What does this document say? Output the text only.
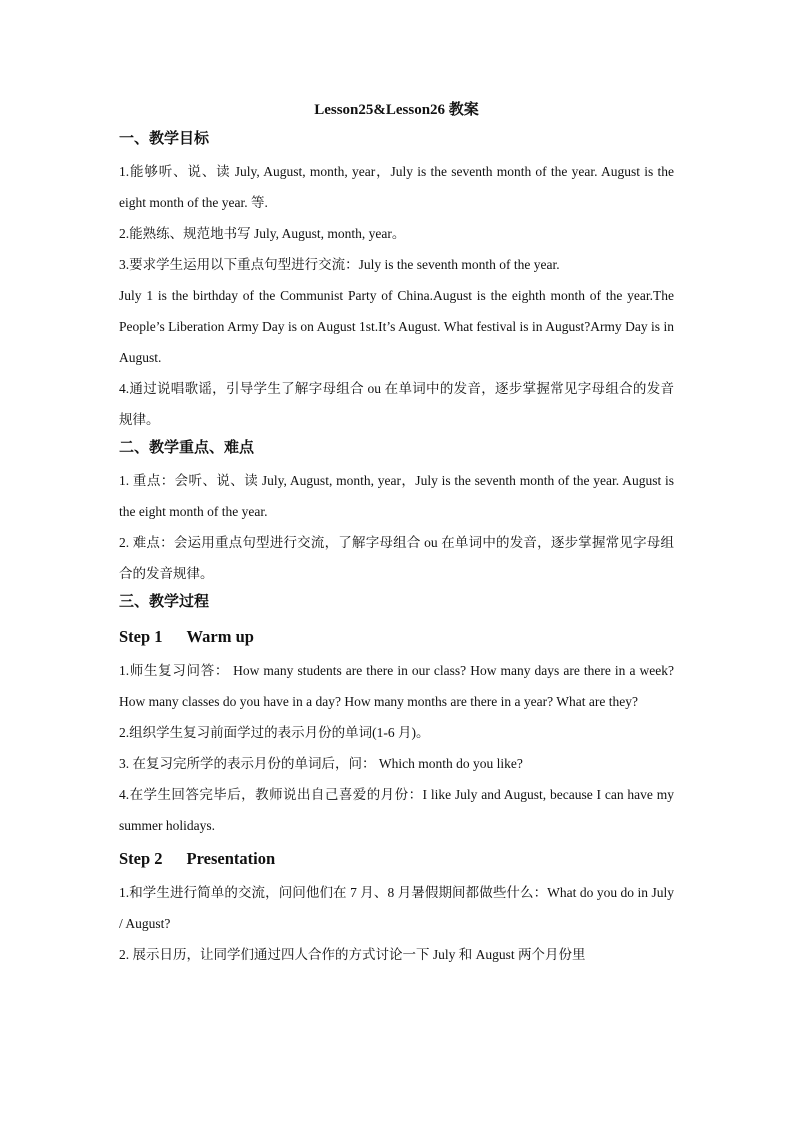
Lesson25&Lesson26 教案
一、教学目标

1.能够听、说、读 July, August, month, year，July is the seventh month of the year. August is the eight month of the year. 等.

2.能熟练、规范地书写 July, August, month, year。

3.要求学生运用以下重点句型进行交流：July is the seventh month of the year.

July 1 is the birthday of the Communist Party of China.August is the eighth month of the year.The People’s Liberation Army Day is on August 1st.It’s August. What festival is in August?Army Day is in August.

4.通过说唱歌谣，引导学生了解字母组合 ou 在单词中的发音，逐步掌握常见字母组合的发音规律。

二、教学重点、难点

1. 重点：会听、说、读 July, August, month, year，July is the seventh month of the year. August is the eight month of the year.

2. 难点：会运用重点句型进行交流，了解字母组合 ou 在单词中的发音，逐步掌握常见字母组合的发音规律。

三、教学过程
Step 1 Warm up

1.师生复习问答： How many students are there in our class? How many days are there in a week? How many classes do you have in a day? How many months are there in a year? What are they?

2.组织学生复习前面学过的表示月份的单词(1-6 月)。

3. 在复习完所学的表示月份的单词后，问： Which month do you like?

4.在学生回答完毕后，教师说出自己喜爱的月份：I like July and August, because I can have my summer holidays.

Step 2 Presentation

1.和学生进行简单的交流，问问他们在 7 月、8 月暑假期间都做些什么：What do you do in July / August?

2. 展示日历，让同学们通过四人合作的方式讨论一下 July 和 August 两个月份里
